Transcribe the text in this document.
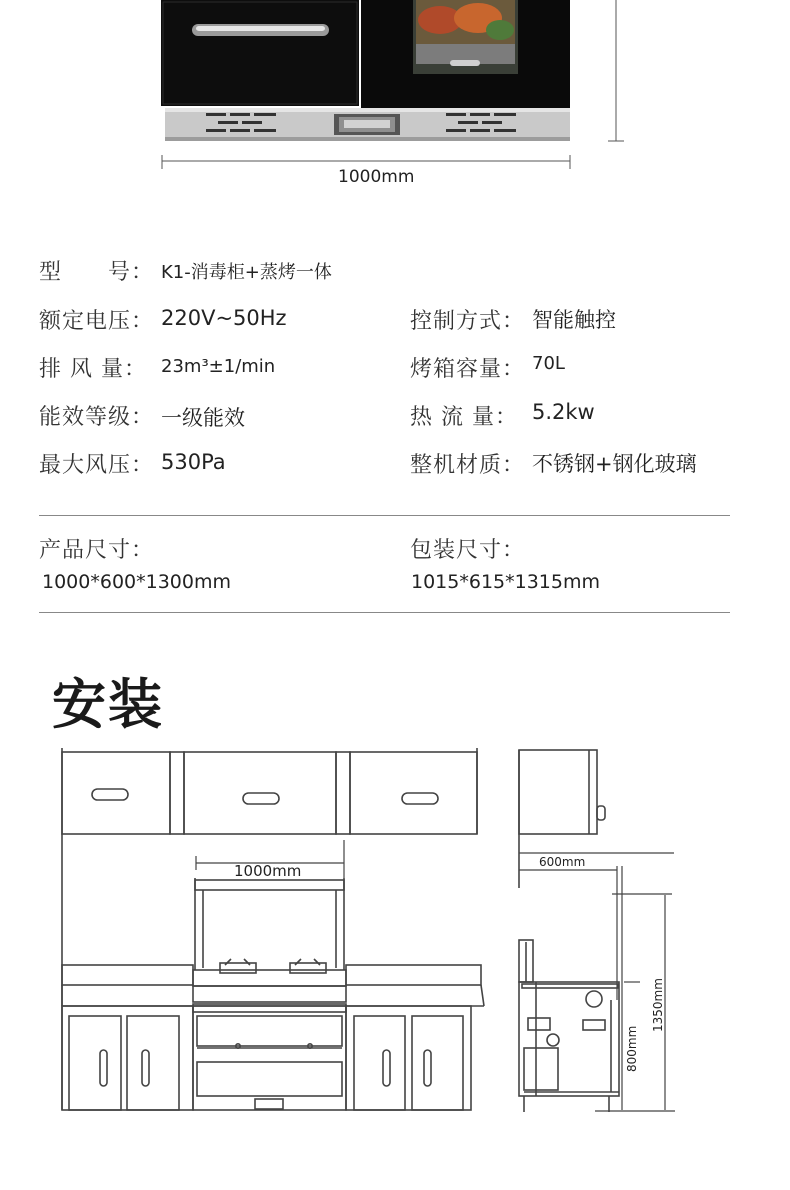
1000mm
型　　号： K1-消毒柜+蒸烤一体
额定电压： 220V~50Hz	控制方式： 智能触控
排 风 量： 23m³±1/min	烤箱容量： 70L
能效等级： 一级能效	热 流 量： 5.2kw
最大风压： 530Pa	整机材质： 不锈钢+钢化玻璃
产品尺寸：
1000*600*1300mm
包装尺寸：
1015*615*1315mm
安装
1000mm	600mm
1350mm
800mm
